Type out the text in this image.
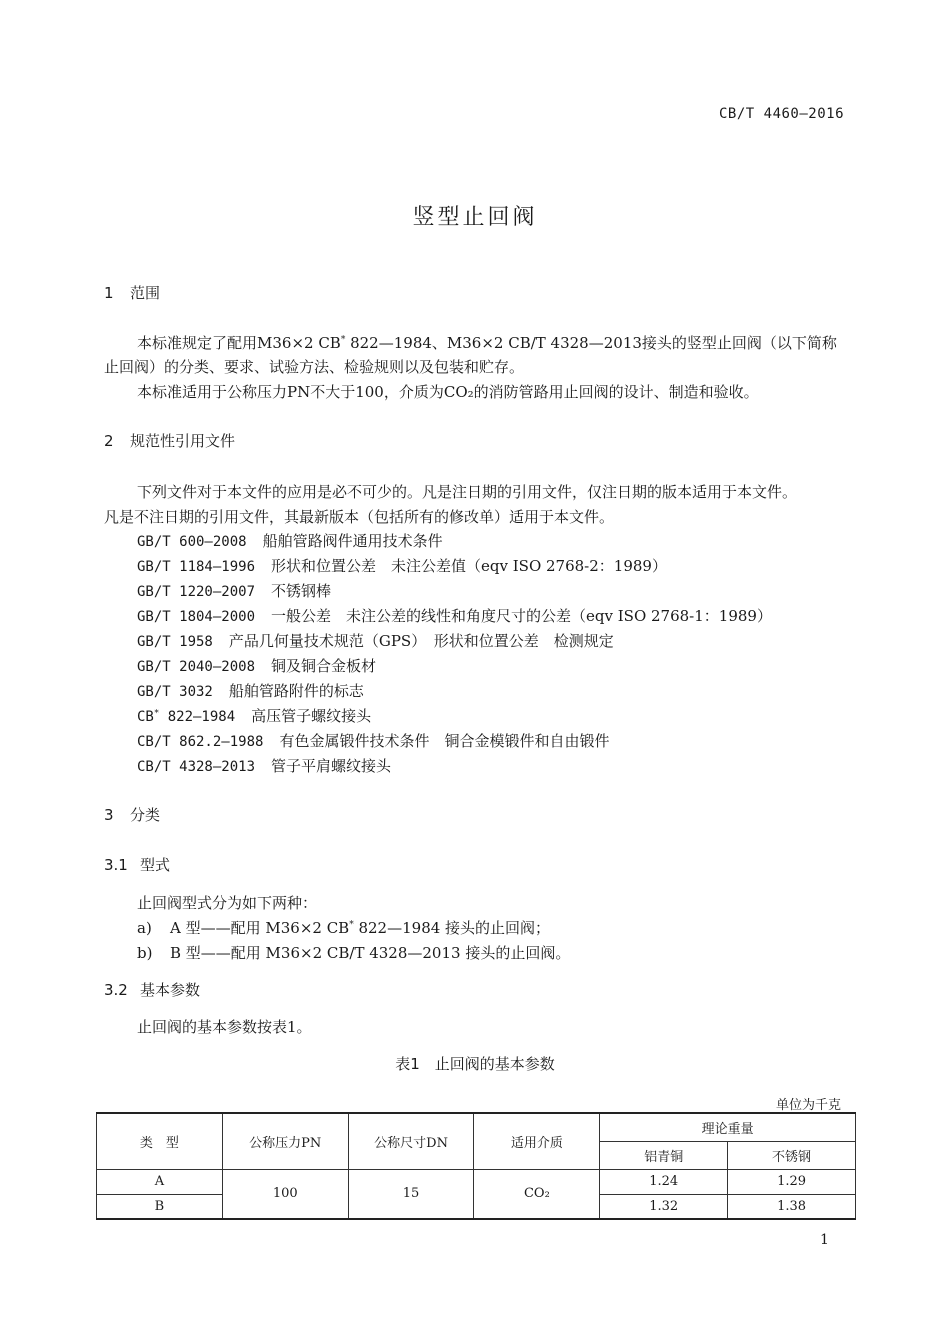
CB/T 4460—2016
竖型止回阀
1 范围
本标准规定了配用M36×2 CB* 822—1984、M36×2 CB/T 4328—2013接头的竖型止回阀（以下简称
止回阀）的分类、要求、试验方法、检验规则以及包装和贮存。
本标准适用于公称压力PN不大于100，介质为CO₂的消防管路用止回阀的设计、制造和验收。
2 规范性引用文件
下列文件对于本文件的应用是必不可少的。凡是注日期的引用文件，仅注日期的版本适用于本文件。
凡是不注日期的引用文件，其最新版本（包括所有的修改单）适用于本文件。
GB/T 600—2008 船舶管路阀件通用技术条件
GB/T 1184—1996 形状和位置公差　未注公差值（eqv ISO 2768-2：1989）
GB/T 1220—2007 不锈钢棒
GB/T 1804—2000 一般公差　未注公差的线性和角度尺寸的公差（eqv ISO 2768-1：1989）
GB/T 1958 产品几何量技术规范（GPS）　形状和位置公差　检测规定
GB/T 2040—2008 铜及铜合金板材
GB/T 3032 船舶管路附件的标志
CB* 822—1984 高压管子螺纹接头
CB/T 862.2—1988 有色金属锻件技术条件　铜合金模锻件和自由锻件
CB/T 4328—2013 管子平肩螺纹接头
3 分类
3.1 型式
止回阀型式分为如下两种：
a) A 型——配用 M36×2 CB* 822—1984 接头的止回阀；
b) B 型——配用 M36×2 CB/T 4328—2013 接头的止回阀。
3.2 基本参数
止回阀的基本参数按表1。
表1　止回阀的基本参数
单位为千克
类　型	公称压力PN	公称尺寸DN	适用介质	理论重量	
				铝青铜	不锈钢
A	100	15	CO₂	1.24	1.29
B				1.32	1.38
1
